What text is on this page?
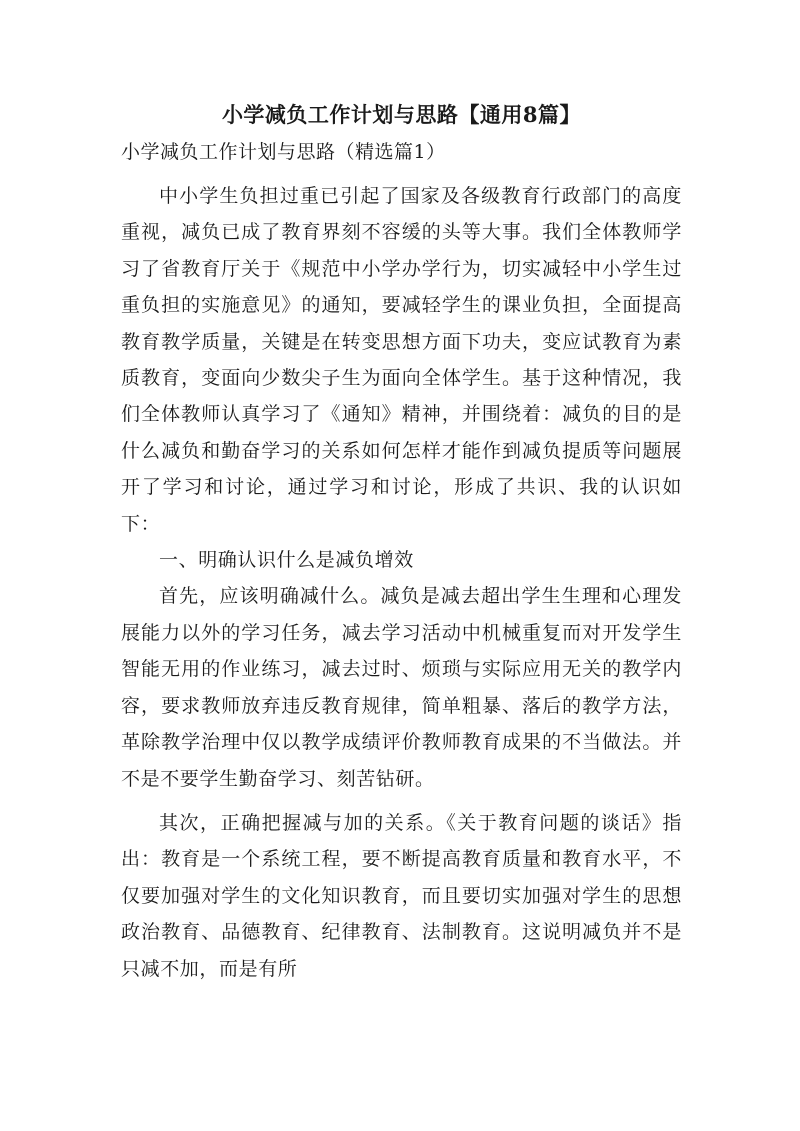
小学减负工作计划与思路【通用8篇】
小学减负工作计划与思路（精选篇1）

中小学生负担过重已引起了国家及各级教育行政部门的高度重视，减负已成了教育界刻不容缓的头等大事。我们全体教师学习了省教育厅关于《规范中小学办学行为，切实减轻中小学生过重负担的实施意见》的通知，要减轻学生的课业负担，全面提高教育教学质量，关键是在转变思想方面下功夫，变应试教育为素质教育，变面向少数尖子生为面向全体学生。基于这种情况，我们全体教师认真学习了《通知》精神，并围绕着：减负的目的是什么减负和勤奋学习的关系如何怎样才能作到减负提质等问题展开了学习和讨论，通过学习和讨论，形成了共识、我的认识如下：

一、明确认识什么是减负增效

首先，应该明确减什么。减负是减去超出学生生理和心理发展能力以外的学习任务，减去学习活动中机械重复而对开发学生智能无用的作业练习，减去过时、烦琐与实际应用无关的教学内容，要求教师放弃违反教育规律，简单粗暴、落后的教学方法，革除教学治理中仅以教学成绩评价教师教育成果的不当做法。并不是不要学生勤奋学习、刻苦钻研。

其次，正确把握减与加的关系。《关于教育问题的谈话》指出：教育是一个系统工程，要不断提高教育质量和教育水平，不仅要加强对学生的文化知识教育，而且要切实加强对学生的思想政治教育、品德教育、纪律教育、法制教育。这说明减负并不是只减不加，而是有所
